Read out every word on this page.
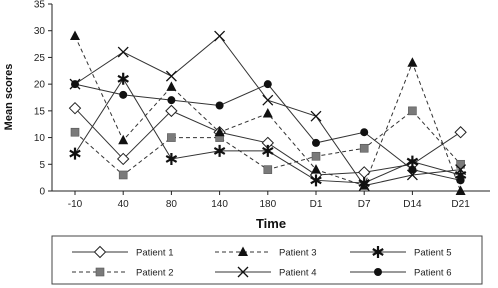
0
5
10
15
20
25
30
35
-10	40	80	140	180	D1	D7	D14	D21
Time
Mean scores
Patient 1	Patient 3	Patient 5
Patient 2	Patient 4	Patient 6
